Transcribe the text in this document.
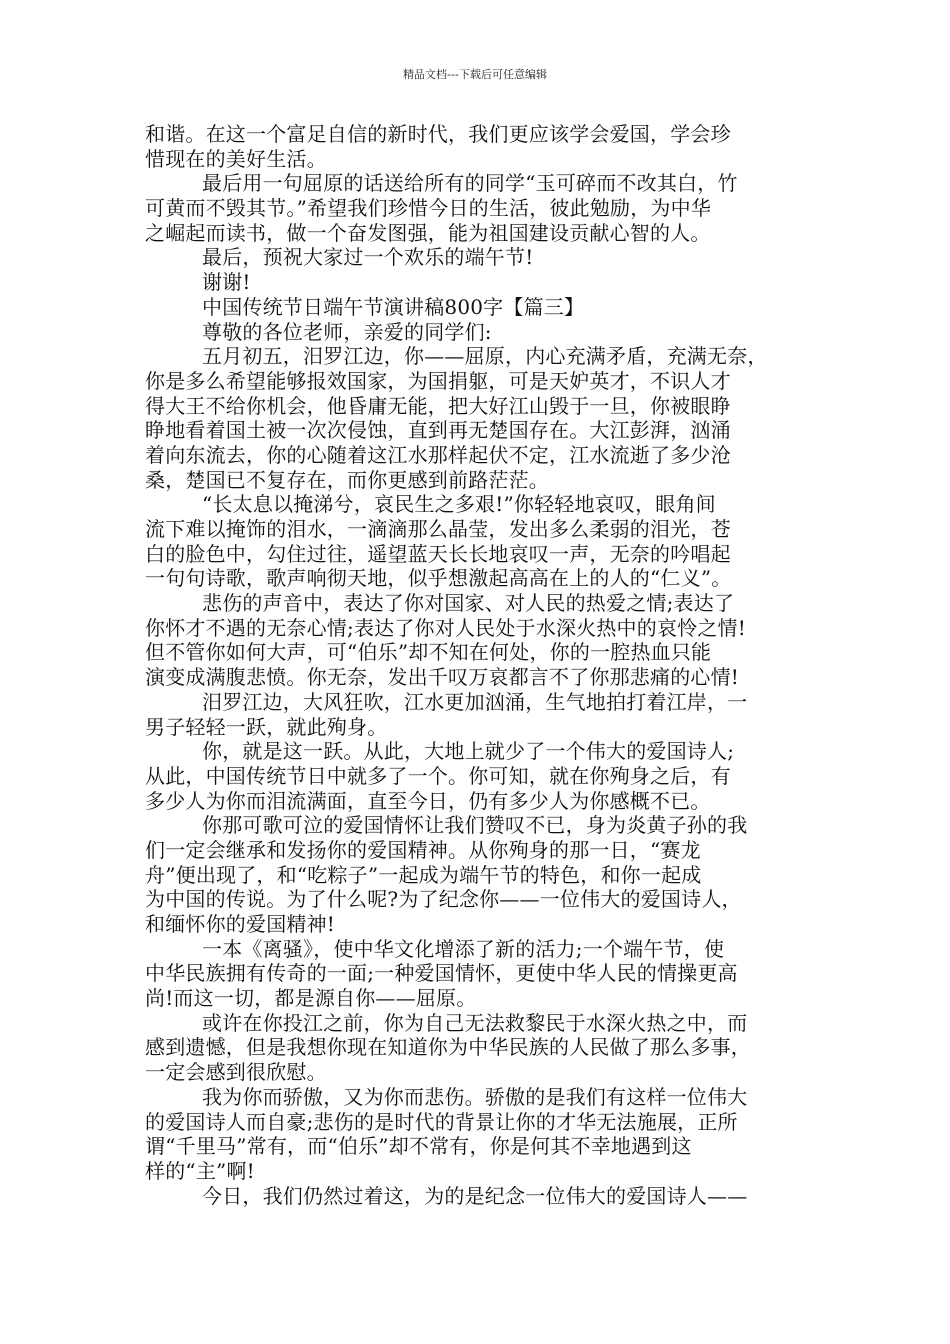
精品文档---下载后可任意编辑
和谐。在这一个富足自信的新时代，我们更应该学会爱国，学会珍
惜现在的美好生活。
最后用一句屈原的话送给所有的同学“玉可碎而不改其白，竹
可黄而不毁其节。”希望我们珍惜今日的生活，彼此勉励，为中华
之崛起而读书，做一个奋发图强，能为祖国建设贡献心智的人。
最后，预祝大家过一个欢乐的端午节!
谢谢!
中国传统节日端午节演讲稿800字【篇三】
尊敬的各位老师，亲爱的同学们:
五月初五，汨罗江边，你——屈原，内心充满矛盾，充满无奈，
你是多么希望能够报效国家，为国捐躯，可是天妒英才，不识人才
得大王不给你机会，他昏庸无能，把大好江山毁于一旦，你被眼睁
睁地看着国土被一次次侵蚀，直到再无楚国存在。大江彭湃，汹涌
着向东流去，你的心随着这江水那样起伏不定，江水流逝了多少沧
桑，楚国已不复存在，而你更感到前路茫茫。
“长太息以掩涕兮，哀民生之多艰!”你轻轻地哀叹，眼角间
流下难以掩饰的泪水，一滴滴那么晶莹，发出多么柔弱的泪光，苍
白的脸色中，勾住过往，遥望蓝天长长地哀叹一声，无奈的吟唱起
一句句诗歌，歌声响彻天地，似乎想激起高高在上的人的“仁义”。
悲伤的声音中，表达了你对国家、对人民的热爱之情;表达了
你怀才不遇的无奈心情;表达了你对人民处于水深火热中的哀怜之情!
但不管你如何大声，可“伯乐”却不知在何处，你的一腔热血只能
演变成满腹悲愤。你无奈，发出千叹万哀都言不了你那悲痛的心情!
汨罗江边，大风狂吹，江水更加汹涌，生气地拍打着江岸，一
男子轻轻一跃，就此殉身。
你，就是这一跃。从此，大地上就少了一个伟大的爱国诗人;
从此，中国传统节日中就多了一个。你可知，就在你殉身之后，有
多少人为你而泪流满面，直至今日，仍有多少人为你感概不已。
你那可歌可泣的爱国情怀让我们赞叹不已，身为炎黄子孙的我
们一定会继承和发扬你的爱国精神。从你殉身的那一日，“赛龙
舟”便出现了，和“吃粽子”一起成为端午节的特色，和你一起成
为中国的传说。为了什么呢?为了纪念你——一位伟大的爱国诗人，
和缅怀你的爱国精神!
一本《离骚》，使中华文化增添了新的活力;一个端午节，使
中华民族拥有传奇的一面;一种爱国情怀，更使中华人民的情操更高
尚!而这一切，都是源自你——屈原。
或许在你投江之前，你为自己无法救黎民于水深火热之中，而
感到遗憾，但是我想你现在知道你为中华民族的人民做了那么多事，
一定会感到很欣慰。
我为你而骄傲，又为你而悲伤。骄傲的是我们有这样一位伟大
的爱国诗人而自豪;悲伤的是时代的背景让你的才华无法施展，正所
谓“千里马”常有，而“伯乐”却不常有，你是何其不幸地遇到这
样的“主”啊!
今日，我们仍然过着这，为的是纪念一位伟大的爱国诗人——
